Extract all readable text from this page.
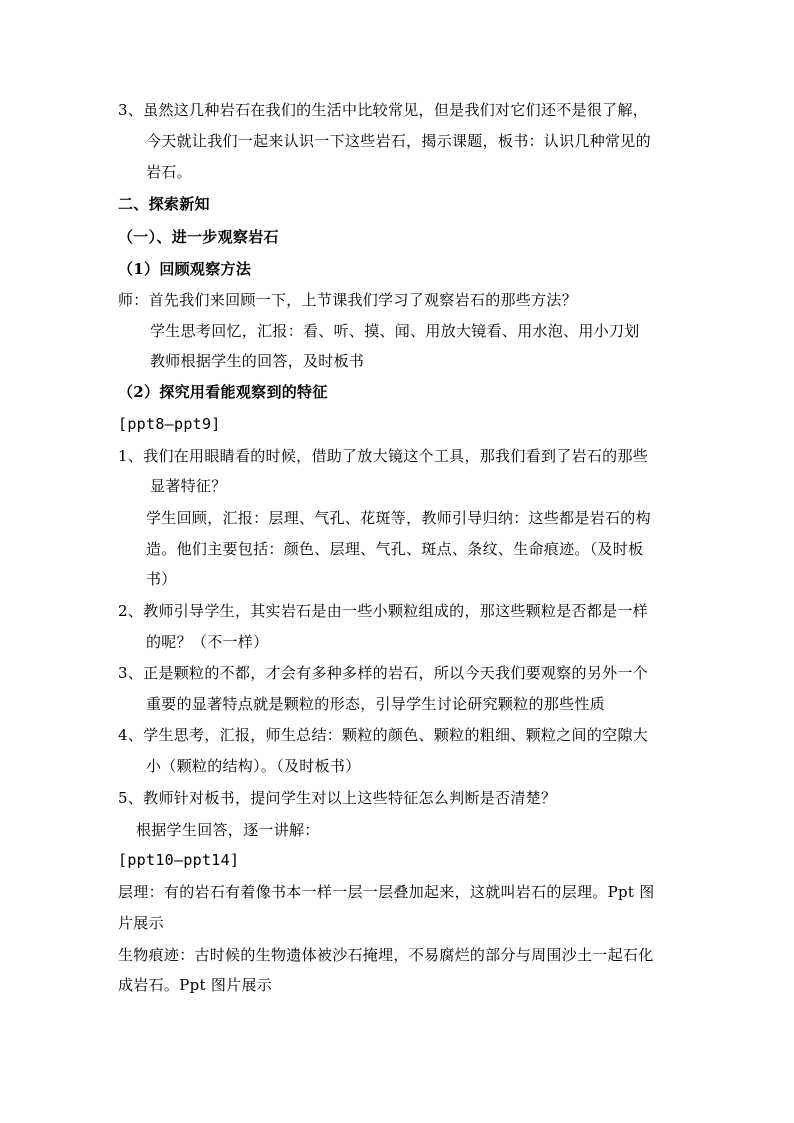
3、虽然这几种岩石在我们的生活中比较常见，但是我们对它们还不是很了解，
今天就让我们一起来认识一下这些岩石，揭示课题，板书：认识几种常见的
岩石。
二、探索新知
（一）、进一步观察岩石
（1）回顾观察方法
师：首先我们来回顾一下，上节课我们学习了观察岩石的那些方法？
学生思考回忆，汇报：看、听、摸、闻、用放大镜看、用水泡、用小刀划
教师根据学生的回答，及时板书
（2）探究用看能观察到的特征
[ppt8—ppt9]
1、我们在用眼睛看的时候，借助了放大镜这个工具，那我们看到了岩石的那些
显著特征？
学生回顾，汇报：层理、气孔、花斑等，教师引导归纳：这些都是岩石的构
造。他们主要包括：颜色、层理、气孔、斑点、条纹、生命痕迹。（及时板
书）
2、教师引导学生，其实岩石是由一些小颗粒组成的，那这些颗粒是否都是一样
的呢？（不一样）
3、正是颗粒的不都，才会有多种多样的岩石，所以今天我们要观察的另外一个
重要的显著特点就是颗粒的形态，引导学生讨论研究颗粒的那些性质
4、学生思考，汇报，师生总结：颗粒的颜色、颗粒的粗细、颗粒之间的空隙大
小（颗粒的结构）。（及时板书）
5、教师针对板书，提问学生对以上这些特征怎么判断是否清楚？
根据学生回答，逐一讲解：
[ppt10—ppt14]
层理：有的岩石有着像书本一样一层一层叠加起来，这就叫岩石的层理。Ppt 图
片展示
生物痕迹：古时候的生物遗体被沙石掩埋，不易腐烂的部分与周围沙土一起石化
成岩石。Ppt 图片展示
